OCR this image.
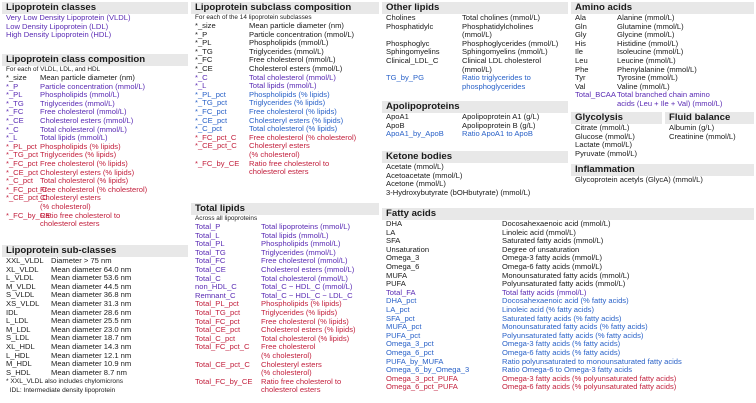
Lipoprotein classes
Very Low Density Lipoprotein (VLDL)
Low Density Lipoprotein (LDL)
High Density Lipoprotein (HDL)
Lipoprotein class composition
For each of VLDL, LDL, and HDL
*_size	Mean particle diameter (nm)
*_P	Particle concentration (mmol/L)
*_PL	Phospholipids (mmol/L)
*_TG	Triglycerides (mmol/L)
*_FC	Free cholesterol (mmol/L)
*_CE	Cholesterol esters (mmol/L)
*_C	Total cholesterol (mmol/L)
*_L	Total lipids (mmol/L)
*_PL_pct Phospholipids (% lipids)
*_TG_pct Triglycerides (% lipids)
*_FC_pct Free cholesterol (% lipids)
*_CE_pct Cholesteryl esters (% lipids)
*_C_pct Total cholesterol (% lipids)
*_FC_pct_C
Free cholesterol (% cholesterol)
*_CE_pct_C
Cholesteryl esters
(% cholesterol)
*_FC_by_CE
Ratio free cholesterol to
cholesterol esters
Lipoprotein sub-classes
XXL_VLDL Diameter > 75 nm
XL_VLDL	Mean diameter 64.0 nm
L_VLDL	Mean diameter 53.6 nm
M_VLDL	Mean diameter 44.5 nm
S_VLDL	Mean diameter 36.8 nm
XS_VLDL	Mean diameter 31.3 nm
IDL	Mean diameter 28.6 nm
L_LDL	Mean diameter 25.5 nm
M_LDL	Mean diameter 23.0 nm
S_LDL	Mean diameter 18.7 nm
XL_HDL	Mean diameter 14.3 nm
L_HDL	Mean diameter 12.1 nm
M_HDL	Mean diameter 10.9 nm
S_HDL	Mean diameter 8.7 nm
* XXL_VLDL also includes chylomicrons
IDL: Intermediate density lipoprotein
Lipoprotein subclass composition
For each of the 14 lipoprotein subclasses
*_size	Mean particle diameter (nm)
*_P	Particle concentration (mmol/L)
*_PL	Phospholipids (mmol/L)
*_TG	Triglycerides (mmol/L)
*_FC	Free cholesterol (mmol/L)
*_CE	Cholesterol esters (mmol/L)
*_C	Total cholesterol (mmol/L)
*_L	Total lipids (mmol/L)
*_PL_pct	Phospholipids (% lipids)
*_TG_pct	Triglycerides (% lipids)
*_FC_pct	Free cholesterol (% lipids)
*_CE_pct	Cholesteryl esters (% lipids)
*_C_pct	Total cholesterol (% lipids)
*_FC_pct_C	Free cholesterol (% cholesterol)
*_CE_pct_C	Cholesteryl esters
(% cholesterol)
*_FC_by_CE	Ratio free cholesterol to
cholesterol esters
Total lipids
Across all lipoproteins
Total_P	Total lipoproteins (mmol/L)
Total_L	Total lipids (mmol/L)
Total_PL	Phospholipids (mmol/L)
Total_TG	Triglycerides (mmol/L)
Total_FC	Free cholesterol (mmol/L)
Total_CE	Cholesterol esters (mmol/L)
Total_C	Total cholesterol (mmol/L)
non_HDL_C	Total_C − HDL_C (mmol/L)
Remnant_C	Total_C − HDL_C − LDL_C
Total_PL_pct	Phospholipids (% lipids)
Total_TG_pct	Triglycerides (% lipids)
Total_FC_pct	Free cholesterol (% lipids)
Total_CE_pct	Cholesterol esters (% lipids)
Total_C_pct	Total cholesterol (% lipids)
Total_FC_pct_C	Free cholesterol
(% cholesterol)
Total_CE_pct_C	Cholesteryl esters
(% cholesterol)
Total_FC_by_CE	Ratio free cholesterol to
cholesterol esters
Other lipids
Cholines	Total cholines (mmol/L)
Phosphatidylc	Phosphatidylcholines
(mmol/L)
Phosphoglyc	Phosphoglycerides (mmol/L)
Sphingomyelins	Sphingomyelins (mmol/L)
Clinical_LDL_C	Clinical LDL cholesterol
(mmol/L)
TG_by_PG	Ratio triglycerides to
phosphoglycerides
Apolipoproteins
ApoA1	Apolipoprotein A1 (g/L)
ApoB	Apolipoprotein B (g/L)
ApoA1_by_ApoB	Ratio ApoA1 to ApoB
Ketone bodies
Acetate (mmol/L)
Acetoacetate (mmol/L)
Acetone (mmol/L)
3-Hydroxybutyrate (bOHbutyrate) (mmol/L)
Amino acids
Ala	Alanine (mmol/L)
Gln	Glutamine (mmol/L)
Gly	Glycine (mmol/L)
His	Histidine (mmol/L)
Ile	Isoleucine (mmol/L)
Leu	Leucine (mmol/L)
Phe	Phenylalanine (mmol/L)
Tyr	Tyrosine (mmol/L)
Val	Valine (mmol/L)
Total_BCAA Total branched chain amino
acids (Leu + Ile + Val) (mmol/L)
Glycolysis
Citrate (mmol/L)
Glucose (mmol/L)
Lactate (mmol/L)
Pyruvate (mmol/L)
Fluid balance
Albumin (g/L)
Creatinine (mmol/L)
Inflammation
Glycoprotein acetyls (GlycA) (mmol/L)
Fatty acids
DHA	Docosahexaenoic acid (mmol/L)
LA	Linoleic acid (mmol/L)
SFA	Saturated fatty acids (mmol/L)
Unsaturation	Degree of unsaturation
Omega_3	Omega-3 fatty acids (mmol/L)
Omega_6	Omega-6 fatty acids (mmol/L)
MUFA	Monounsaturated fatty acids (mmol/L)
PUFA	Polyunsaturated fatty acids (mmol/L)
Total_FA	Total fatty acids (mmol/L)
DHA_pct	Docosahexaenoic acid (% fatty acids)
LA_pct	Linoleic acid (% fatty acids)
SFA_pct	Saturated fatty acids (% fatty acids)
MUFA_pct	Monounsaturated fatty acids (% fatty acids)
PUFA_pct	Polyunsaturated fatty acids (% fatty acids)
Omega_3_pct	Omega-3 fatty acids (% fatty acids)
Omega_6_pct	Omega-6 fatty acids (% fatty acids)
PUFA_by_MUFA	Ratio polyunsaturated to monounsaturated fatty acids
Omega_6_by_Omega_3	Ratio Omega-6 to Omega-3 fatty acids
Omega_3_pct_PUFA	Omega-3 fatty acids (% polyunsaturated fatty acids)
Omega_6_pct_PUFA	Omega-6 fatty acids (% polyunsaturated fatty acids)
